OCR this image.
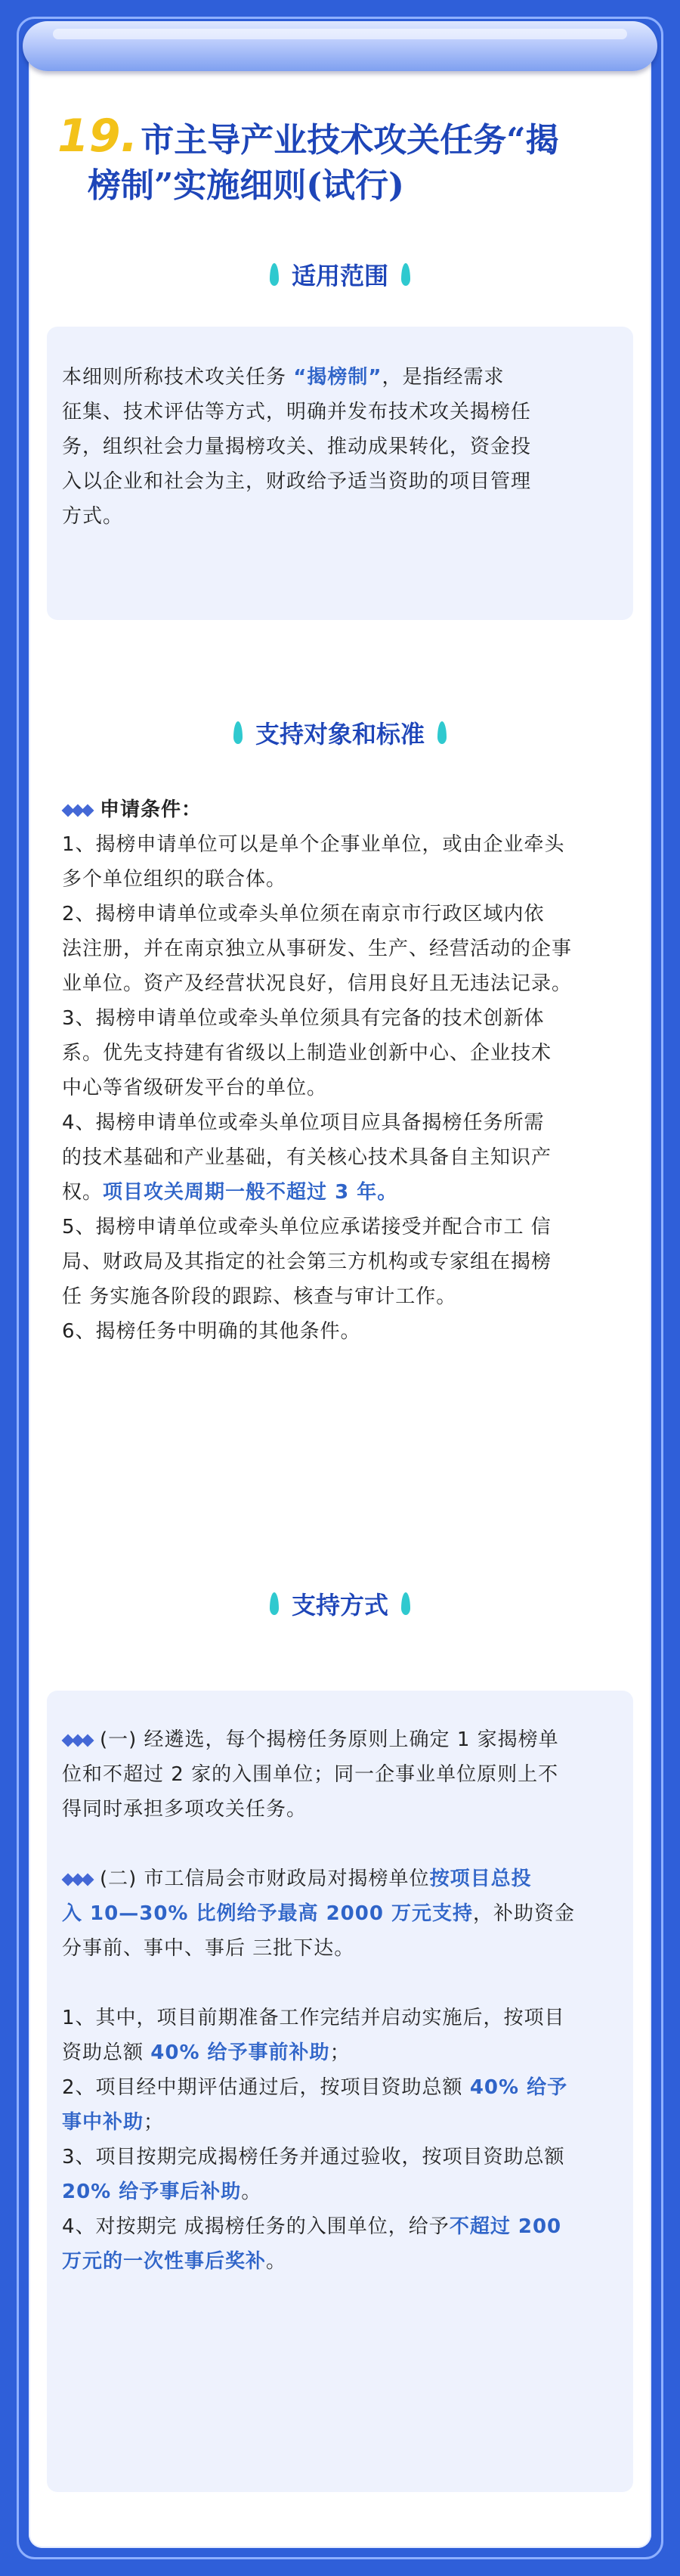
19.市主导产业技术攻关任务“揭
榜制”实施细则(试行)
适用范围
本细则所称技术攻关任务 “揭榜制”，是指经需求
征集、技术评估等方式，明确并发布技术攻关揭榜任
务，组织社会力量揭榜攻关、推动成果转化，资金投
入以企业和社会为主，财政给予适当资助的项目管理
方式。
支持对象和标准
申请条件：
1、揭榜申请单位可以是单个企事业单位，或由企业牵头
多个单位组织的联合体。
2、揭榜申请单位或牵头单位须在南京市行政区域内依
法注册，并在南京独立从事研发、生产、经营活动的企事
业单位。资产及经营状况良好，信用良好且无违法记录。
3、揭榜申请单位或牵头单位须具有完备的技术创新体
系。优先支持建有省级以上制造业创新中心、企业技术
中心等省级研发平台的单位。
4、揭榜申请单位或牵头单位项目应具备揭榜任务所需
的技术基础和产业基础，有关核心技术具备自主知识产
权。项目攻关周期一般不超过 3 年。
5、揭榜申请单位或牵头单位应承诺接受并配合市工 信
局、财政局及其指定的社会第三方机构或专家组在揭榜
任 务实施各阶段的跟踪、核查与审计工作。
6、揭榜任务中明确的其他条件。
支持方式
(一) 经遴选，每个揭榜任务原则上确定 1 家揭榜单
位和不超过 2 家的入围单位；同一企事业单位原则上不
得同时承担多项攻关任务。
(二) 市工信局会市财政局对揭榜单位按项目总投
入 10—30% 比例给予最高 2000 万元支持，补助资金
分事前、事中、事后 三批下达。
1、其中，项目前期准备工作完结并启动实施后，按项目
资助总额 40% 给予事前补助；
2、项目经中期评估通过后，按项目资助总额 40% 给予
事中补助；
3、项目按期完成揭榜任务并通过验收，按项目资助总额
20% 给予事后补助。
4、对按期完 成揭榜任务的入围单位，给予不超过 200
万元的一次性事后奖补。
